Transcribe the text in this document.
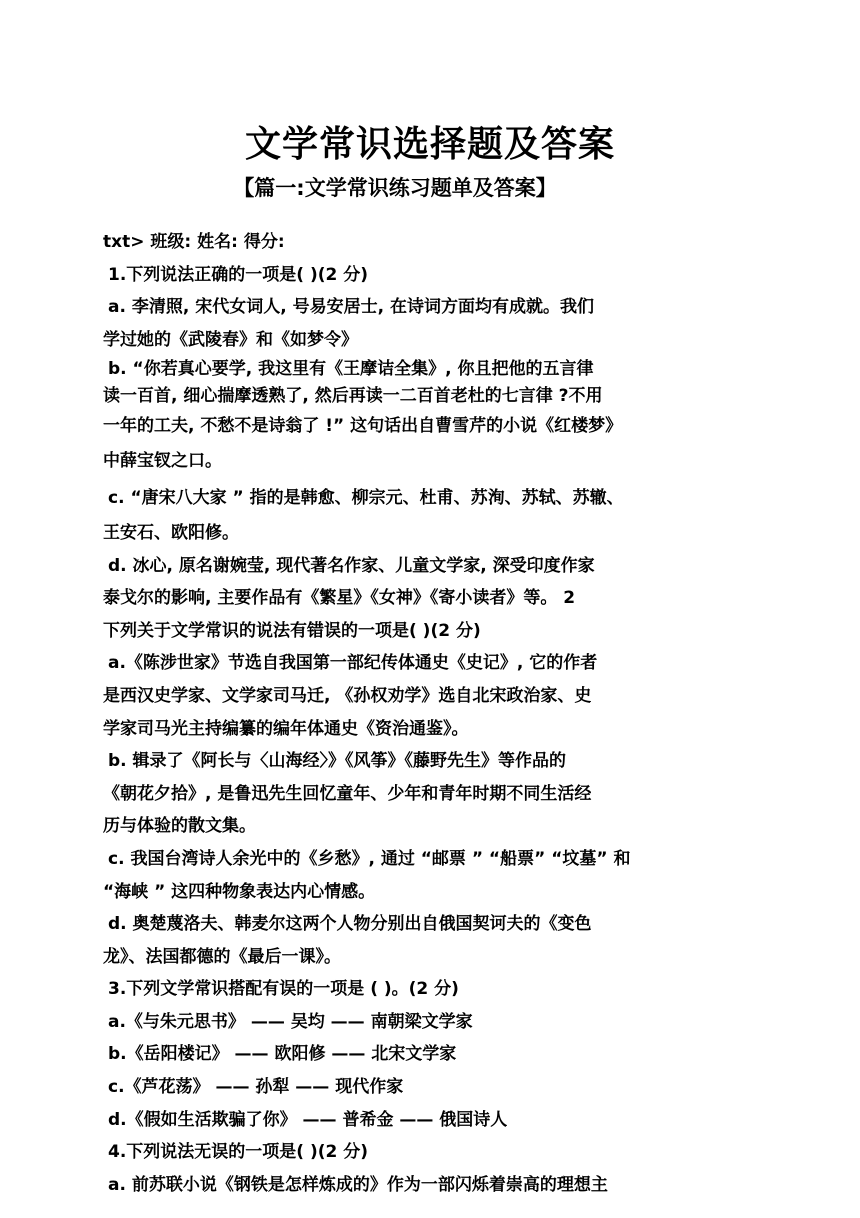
文学常识选择题及答案
【篇一:文学常识练习题单及答案】
txt> 班级: 姓名: 得分:
1.下列说法正确的一项是( )(2 分)
a. 李清照, 宋代女词人, 号易安居士, 在诗词方面均有成就。我们
学过她的《武陵春》和《如梦令》
b. “你若真心要学, 我这里有《王摩诘全集》, 你且把他的五言律
读一百首, 细心揣摩透熟了, 然后再读一二百首老杜的七言律 ?不用
一年的工夫, 不愁不是诗翁了 !” 这句话出自曹雪芹的小说《红楼梦》
中薛宝钗之口。
c. “唐宋八大家 ” 指的是韩愈、柳宗元、杜甫、苏洵、苏轼、苏辙、
王安石、欧阳修。
d. 冰心, 原名谢婉莹, 现代著名作家、儿童文学家, 深受印度作家
泰戈尔的影响, 主要作品有《繁星》《女神》《寄小读者》等。 2
下列关于文学常识的说法有错误的一项是( )(2 分)
a.《陈涉世家》节选自我国第一部纪传体通史《史记》, 它的作者
是西汉史学家、文学家司马迁, 《孙权劝学》选自北宋政治家、史
学家司马光主持编纂的编年体通史《资治通鉴》。
b. 辑录了《阿长与〈山海经〉》《风筝》《藤野先生》等作品的
《朝花夕拾》, 是鲁迅先生回忆童年、少年和青年时期不同生活经
历与体验的散文集。
c. 我国台湾诗人余光中的《乡愁》, 通过 “邮票 ” “船票” “坟墓” 和
“海峡 ” 这四种物象表达内心情感。
d. 奥楚蔑洛夫、韩麦尔这两个人物分别出自俄国契诃夫的《变色
龙》、法国都德的《最后一课》。
3.下列文学常识搭配有误的一项是 ( )。(2 分)
a.《与朱元思书》 —— 吴均 —— 南朝梁文学家
b.《岳阳楼记》 —— 欧阳修 —— 北宋文学家
c.《芦花荡》 —— 孙犁 —— 现代作家
d.《假如生活欺骗了你》 —— 普希金 —— 俄国诗人
4.下列说法无误的一项是( )(2 分)
a. 前苏联小说《钢铁是怎样炼成的》作为一部闪烁着崇高的理想主
